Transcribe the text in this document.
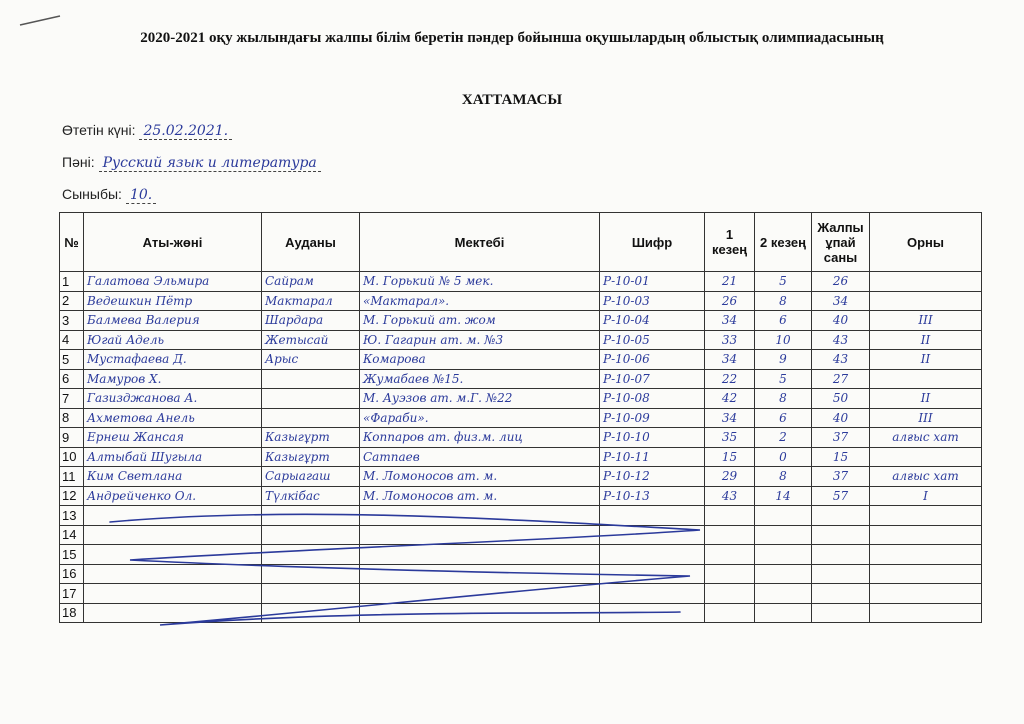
2020-2021 оқу жылындағы жалпы білім беретін пәндер бойынша оқушылардың облыстық олимпиадасының
ХАТТАМАСЫ
Өтетін күні: 25.02.2021.
Пәні: Русский язык и литература
Сыныбы: 10.
№	Аты-жөні	Ауданы	Мектебі	Шифр	1 кезең	2 кезең	Жалпы ұпай саны	Орны
1	Галатова Эльмира	Сайрам	М. Горький № 5 мек.	Р-10-01	21	5	26	
2	Ведешкин Пётр	Мактарал	«Мактарал».	Р-10-03	26	8	34	
3	Балмева Валерия	Шардара	М. Горький ат. жом	Р-10-04	34	6	40	III
4	Югай Адель	Жетысай	Ю. Гагарин ат. м. №3	Р-10-05	33	10	43	II
5	Мустафаева Д.	Арыс	Комарова	Р-10-06	34	9	43	II
6	Мамуров Х.		Жумабаев №15.	Р-10-07	22	5	27	
7	Газизджанова А.		М. Ауэзов ат. м.Г. №22	Р-10-08	42	8	50	II
8	Ахметова Анель		«Фараби».	Р-10-09	34	6	40	III
9	Ернеш Жансая	Казыгұрт	Коппаров ат. физ.м. лиц	Р-10-10	35	2	37	алғыс хат
10	Алтыбай Шугыла	Казыгұрт	Сатпаев	Р-10-11	15	0	15	
11	Ким Светлана	Сарыагаш	М. Ломоносов ат. м.	Р-10-12	29	8	37	алғыс хат
12	Андрейченко Ол.	Түлкібас	М. Ломоносов ат. м.	Р-10-13	43	14	57	I
13								
14								
15								
16								
17								
18								
